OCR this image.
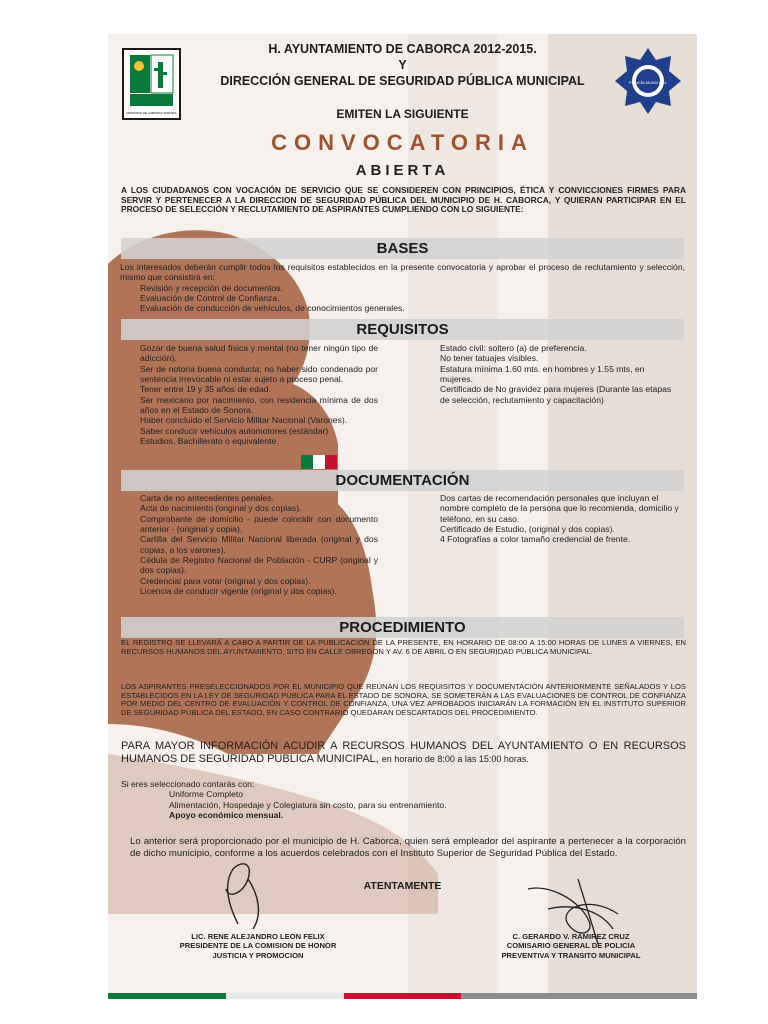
MUNICIPIO DE CABORCA SONORA
POLICÍA MUNICIPAL
H. AYUNTAMIENTO DE CABORCA 2012-2015.
Y
DIRECCIÓN GENERAL DE SEGURIDAD PÚBLICA MUNICIPAL
EMITEN LA SIGUIENTE
CONVOCATORIA
ABIERTA
A LOS CIUDADANOS CON VOCACIÓN DE SERVICIO QUE SE CONSIDEREN CON PRINCIPIOS, ÉTICA Y CONVICCIONES FIRMES PARA SERVIR Y PERTENECER A LA DIRECCION DE SEGURIDAD PÚBLICA DEL MUNICIPIO DE H. CABORCA, Y QUIERAN PARTICIPAR EN EL PROCESO DE SELECCIÓN Y RECLUTAMIENTO DE ASPIRANTES CUMPLIENDO CON LO SIGUIENTE:
BASES

Los interesados deberán cumplir todos los requisitos establecidos en la presente convocatoria y aprobar el proceso de reclutamiento y selección, mismo que consistirá en:

Revisión y recepción de documentos.

Evaluación de Control de Confianza.

Evaluación de conducción de vehículos, de conocimientos generales.

REQUISITOS

Gozar de buena salud física y mental (no tener ningún tipo de adicción).

Ser de notoria buena conducta; no haber sido condenado por sentencia irrevocable ni estar sujeto a proceso penal.

Tener entre 19 y 35 años de edad.

Ser mexicano por nacimiento, con residencia mínima de dos años en el Estado de Sonora.

Haber concluido el Servicio Militar Nacional (Varones).

Saber conducir vehículos automotores (estándar)

Estudios, Bachillerato o equivalente.

Estado civil: soltero (a) de preferencia.

No tener tatuajes visibles.

Estatura mínima 1.60 mts. en hombres y 1.55 mts, en mujeres.

Certificado de No gravidez para mujeres (Durante las etapas de selección, reclutamiento y capacitación)

DOCUMENTACIÓN

Carta de no antecedentes penales.

Acta de nacimiento (original y dos copias).

Comprobante de domicilio - puede coincidir con documento anterior - (original y copia).

Cartilla del Servicio Militar Nacional liberada (original y dos copias, a los varones).

Cédula de Registro Nacional de Población - CURP (original y dos copias).

Credencial para votar (original y dos copias).

Licencia de conducir vigente (original y dos copias).

Dos cartas de recomendación personales que incluyan el nombre completo de la persona que lo recomienda, domicilio y teléfono, en su caso.

Certificado de Estudio, (original y dos copias).

4 Fotografías a color tamaño credencial de frente.

PROCEDIMIENTO
EL REGISTRO SE LLEVARÁ A CABO A PARTIR DE LA PUBLICACIÓN DE LA PRESENTE, EN HORARIO DE 08:00 A 15:00 HORAS DE LUNES A VIERNES, EN RECURSOS HUMANOS DEL AYUNTAMIENTO, SITO EN CALLE OBREGON Y AV. 6 DE ABRIL O EN SEGURIDAD PÚBLICA MUNICIPAL.
LOS ASPIRANTES PRESELECCIONADOS POR EL MUNICIPIO QUE REÚNAN LOS REQUISITOS Y DOCUMENTACIÓN ANTERIORMENTE SEÑALADOS Y LOS ESTABLECIDOS EN LA LEY DE SEGURIDAD PÚBLICA PARA EL ESTADO DE SONORA, SE SOMETERÁN A LAS EVALUACIONES DE CONTROL DE CONFIANZA POR MEDIO DEL CENTRO DE EVALUACIÓN Y CONTROL DE CONFIANZA, UNA VEZ APROBADOS INICIARÁN LA FORMACIÓN EN EL INSTITUTO SUPERIOR DE SEGURIDAD PÚBLICA DEL ESTADO, EN CASO CONTRARIO QUEDARAN DESCARTADOS DEL PROCEDIMIENTO.
PARA MAYOR INFORMACIÓN ACUDIR A RECURSOS HUMANOS DEL AYUNTAMIENTO O EN RECURSOS HUMANOS DE SEGURIDAD PUBLICA MUNICIPAL, en horario de 8:00 a las 15:00 horas.

Si eres seleccionado contarás con:

Uniforme Completo

Alimentación, Hospedaje y Colegiatura sin costo, para su entrenamiento.

Apoyo económico mensual.

Lo anterior será proporcionado por el municipio de H. Caborca, quien será empleador del aspirante a pertenecer a la corporación de dicho municipio, conforme a los acuerdos celebrados con el Instituto Superior de Seguridad Pública del Estado.
ATENTAMENTE
LIC. RENE ALEJANDRO LEON FELIX
PRESIDENTE DE LA COMISION DE HONOR
JUSTICIA Y PROMOCION
C. GERARDO V. RAMIREZ CRUZ
COMISARIO GENERAL DE POLICIA
PREVENTIVA Y TRANSITO MUNICIPAL
